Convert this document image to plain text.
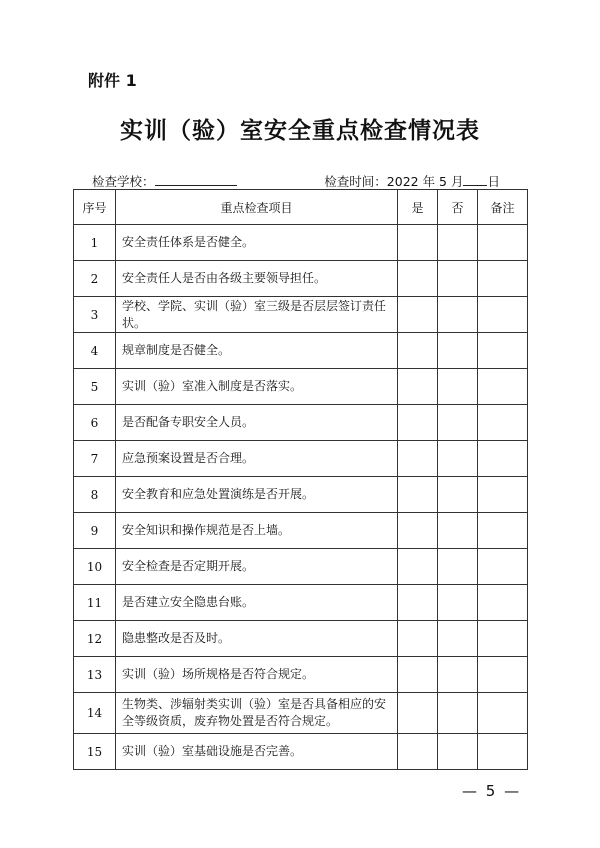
附件 1
实训（验）室安全重点检查情况表
检查学校：	检查时间：2022 年 5 月 日
序号	重点检查项目	是	否	备注
1	安全责任体系是否健全。			
2	安全责任人是否由各级主要领导担任。			
3	学校、学院、实训（验）室三级是否层层签订责任状。			
4	规章制度是否健全。			
5	实训（验）室准入制度是否落实。			
6	是否配备专职安全人员。			
7	应急预案设置是否合理。			
8	安全教育和应急处置演练是否开展。			
9	安全知识和操作规范是否上墙。			
10	安全检查是否定期开展。			
11	是否建立安全隐患台账。			
12	隐患整改是否及时。			
13	实训（验）场所规格是否符合规定。			
14	生物类、涉辐射类实训（验）室是否具备相应的安全等级资质，废弃物处置是否符合规定。			
15	实训（验）室基础设施是否完善。			
— 5 —
